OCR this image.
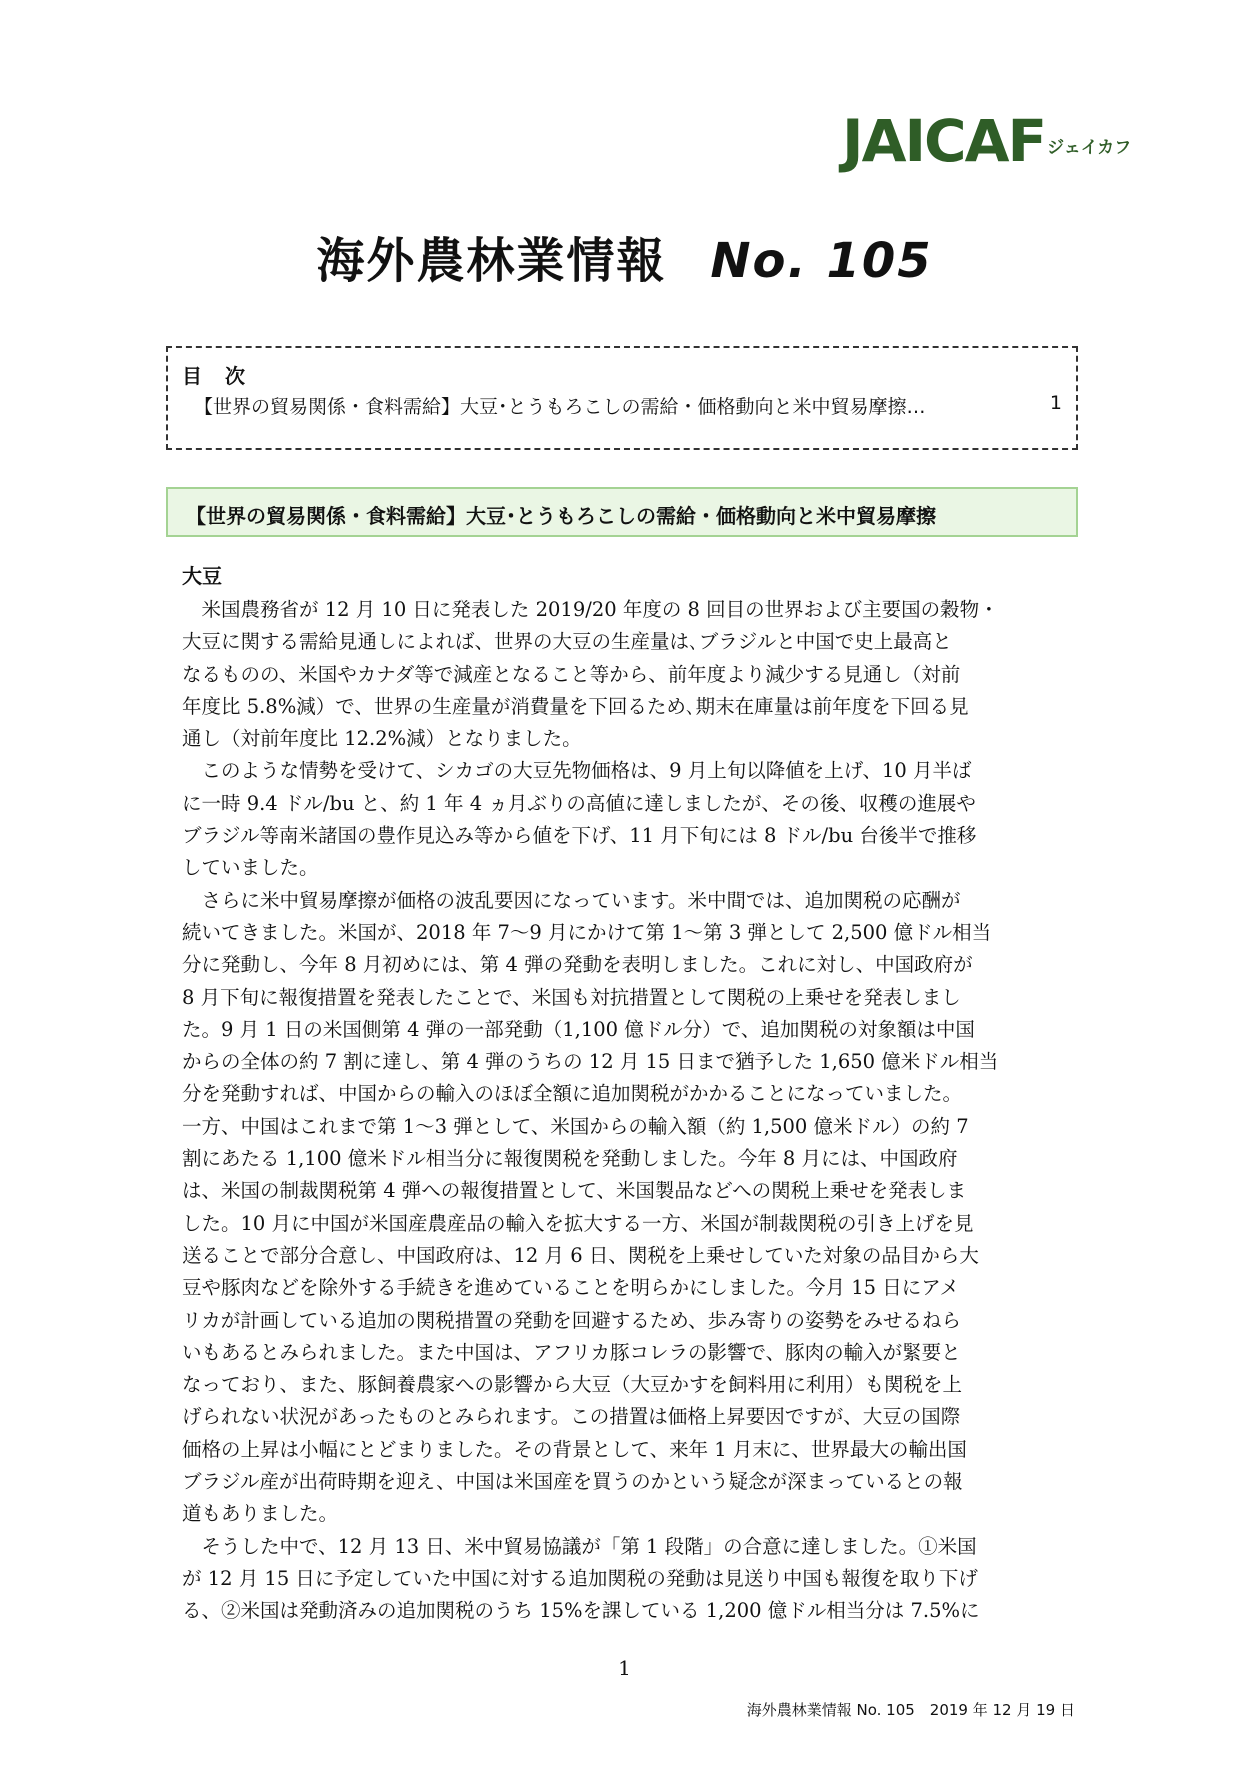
JAICAF ジェイカフ
海外農林業情報 No. 105
目 次
【世界の貿易関係・食料需給】大豆･とうもろこしの需給・価格動向と米中貿易摩擦…	1
【世界の貿易関係・食料需給】大豆･とうもろこしの需給・価格動向と米中貿易摩擦
大豆
　米国農務省が 12 月 10 日に発表した 2019/20 年度の 8 回目の世界および主要国の穀物・
大豆に関する需給見通しによれば、世界の大豆の生産量は､ブラジルと中国で史上最高と
なるものの、米国やカナダ等で減産となること等から、前年度より減少する見通し（対前
年度比 5.8%減）で、世界の生産量が消費量を下回るため､期末在庫量は前年度を下回る見
通し（対前年度比 12.2%減）となりました。
　このような情勢を受けて、シカゴの大豆先物価格は、9 月上旬以降値を上げ、10 月半ば
に一時 9.4 ドル/bu と、約 1 年 4 ヵ月ぶりの高値に達しましたが、その後、収穫の進展や
ブラジル等南米諸国の豊作見込み等から値を下げ、11 月下旬には 8 ドル/bu 台後半で推移
していました。
　さらに米中貿易摩擦が価格の波乱要因になっています。米中間では、追加関税の応酬が
続いてきました。米国が、2018 年 7～9 月にかけて第 1～第 3 弾として 2,500 億ドル相当
分に発動し、今年 8 月初めには、第 4 弾の発動を表明しました。これに対し、中国政府が
8 月下旬に報復措置を発表したことで、米国も対抗措置として関税の上乗せを発表しまし
た。9 月 1 日の米国側第 4 弾の一部発動（1,100 億ドル分）で、追加関税の対象額は中国
からの全体の約 7 割に達し、第 4 弾のうちの 12 月 15 日まで猶予した 1,650 億米ドル相当
分を発動すれば、中国からの輸入のほぼ全額に追加関税がかかることになっていました。
一方、中国はこれまで第 1～3 弾として、米国からの輸入額（約 1,500 億米ドル）の約 7
割にあたる 1,100 億米ドル相当分に報復関税を発動しました。今年 8 月には、中国政府
は、米国の制裁関税第 4 弾への報復措置として、米国製品などへの関税上乗せを発表しま
した。10 月に中国が米国産農産品の輸入を拡大する一方、米国が制裁関税の引き上げを見
送ることで部分合意し、中国政府は、12 月 6 日、関税を上乗せしていた対象の品目から大
豆や豚肉などを除外する手続きを進めていることを明らかにしました。今月 15 日にアメ
リカが計画している追加の関税措置の発動を回避するため、歩み寄りの姿勢をみせるねら
いもあるとみられました。また中国は、アフリカ豚コレラの影響で、豚肉の輸入が緊要と
なっており、また、豚飼養農家への影響から大豆（大豆かすを飼料用に利用）も関税を上
げられない状況があったものとみられます。この措置は価格上昇要因ですが、大豆の国際
価格の上昇は小幅にとどまりました。その背景として、来年 1 月末に、世界最大の輸出国
ブラジル産が出荷時期を迎え、中国は米国産を買うのかという疑念が深まっているとの報
道もありました。
　そうした中で、12 月 13 日、米中貿易協議が「第 1 段階」の合意に達しました。①米国
が 12 月 15 日に予定していた中国に対する追加関税の発動は見送り中国も報復を取り下げ
る、②米国は発動済みの追加関税のうち 15%を課している 1,200 億ドル相当分は 7.5%に
1
海外農林業情報 No. 105　2019 年 12 月 19 日
